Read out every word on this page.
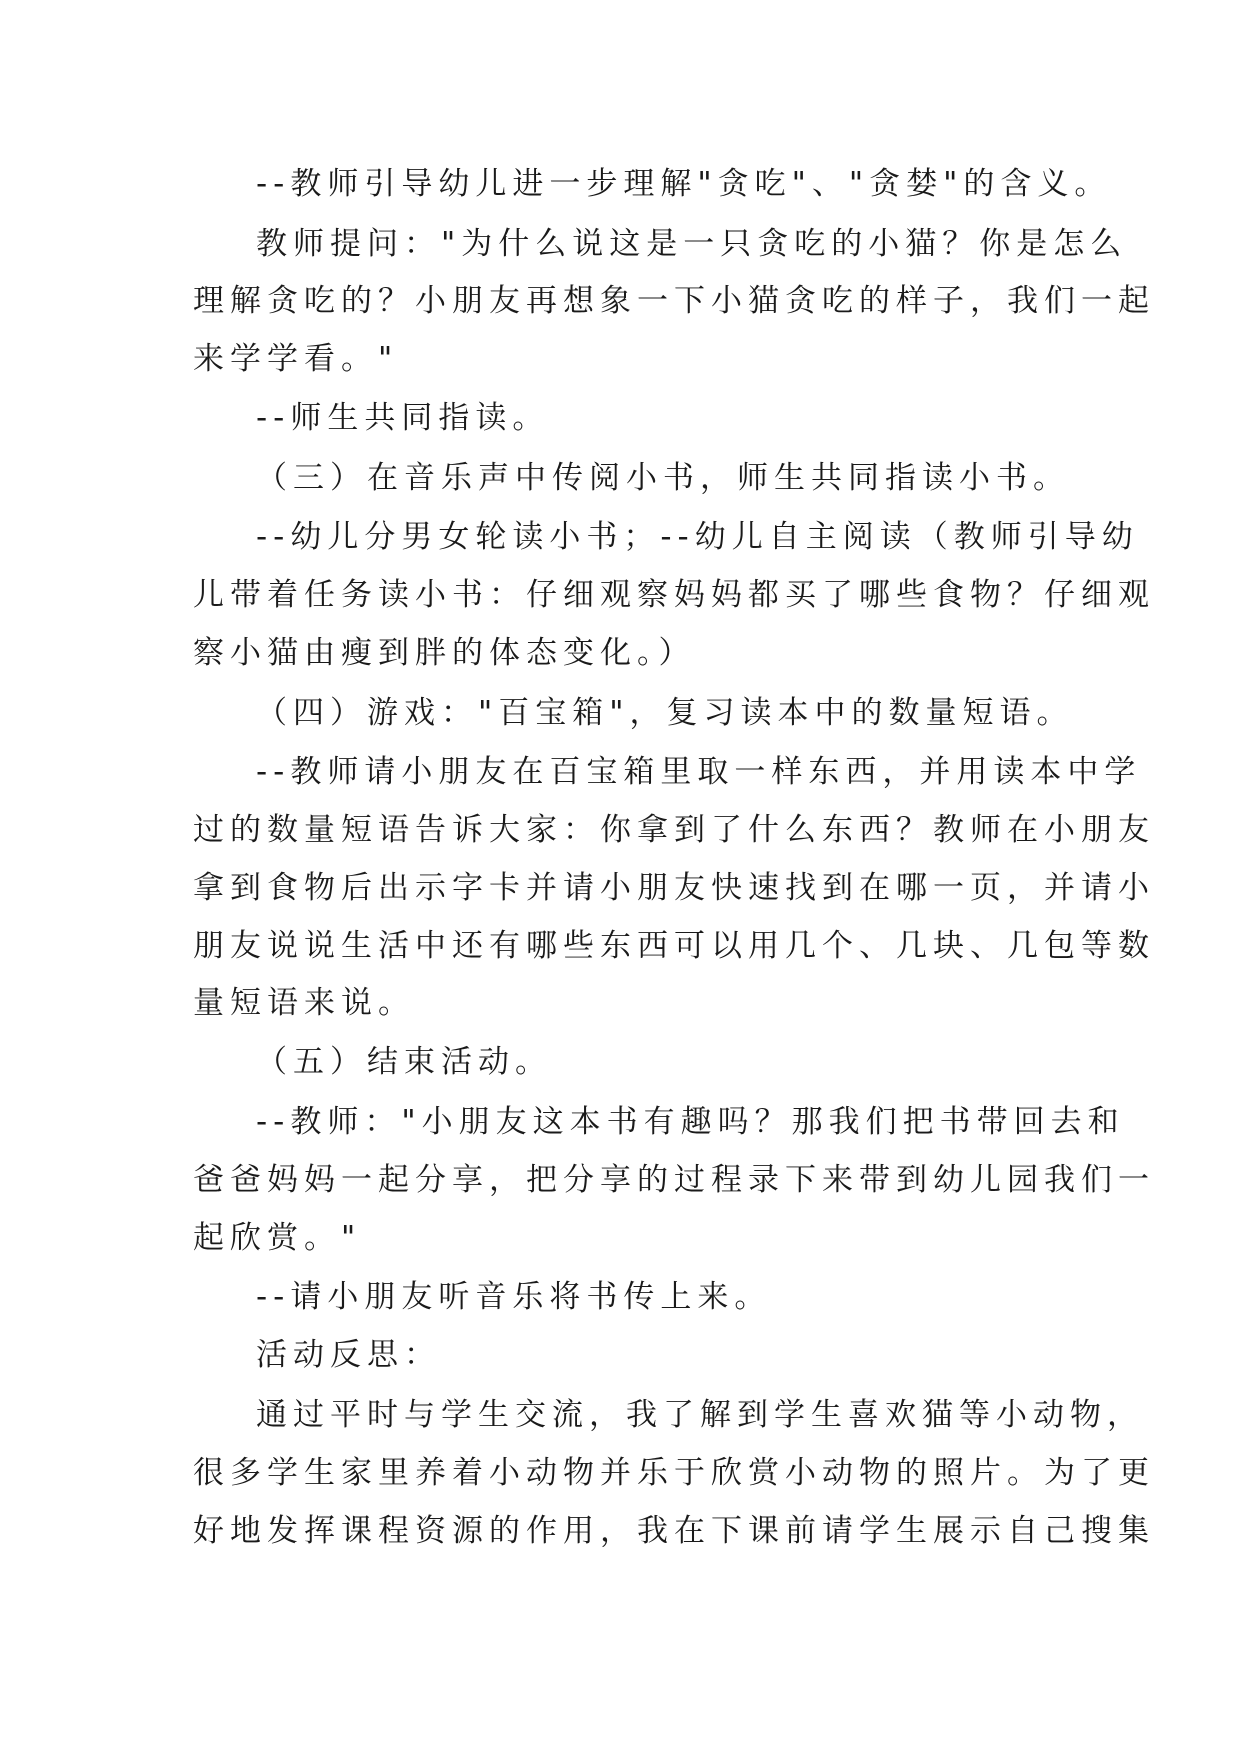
--教师引导幼儿进一步理解"贪吃"、"贪婪"的含义。
教师提问："为什么说这是一只贪吃的小猫？你是怎么
理解贪吃的？小朋友再想象一下小猫贪吃的样子，我们一起
来学学看。"
--师生共同指读。
（三）在音乐声中传阅小书，师生共同指读小书。
--幼儿分男女轮读小书；--幼儿自主阅读（教师引导幼
儿带着任务读小书：仔细观察妈妈都买了哪些食物？仔细观
察小猫由瘦到胖的体态变化。）
（四）游戏："百宝箱"，复习读本中的数量短语。
--教师请小朋友在百宝箱里取一样东西，并用读本中学
过的数量短语告诉大家：你拿到了什么东西？教师在小朋友
拿到食物后出示字卡并请小朋友快速找到在哪一页，并请小
朋友说说生活中还有哪些东西可以用几个、几块、几包等数
量短语来说。
（五）结束活动。
--教师："小朋友这本书有趣吗？那我们把书带回去和
爸爸妈妈一起分享，把分享的过程录下来带到幼儿园我们一
起欣赏。"
--请小朋友听音乐将书传上来。
活动反思：
通过平时与学生交流，我了解到学生喜欢猫等小动物，
很多学生家里养着小动物并乐于欣赏小动物的照片。为了更
好地发挥课程资源的作用，我在下课前请学生展示自己搜集
